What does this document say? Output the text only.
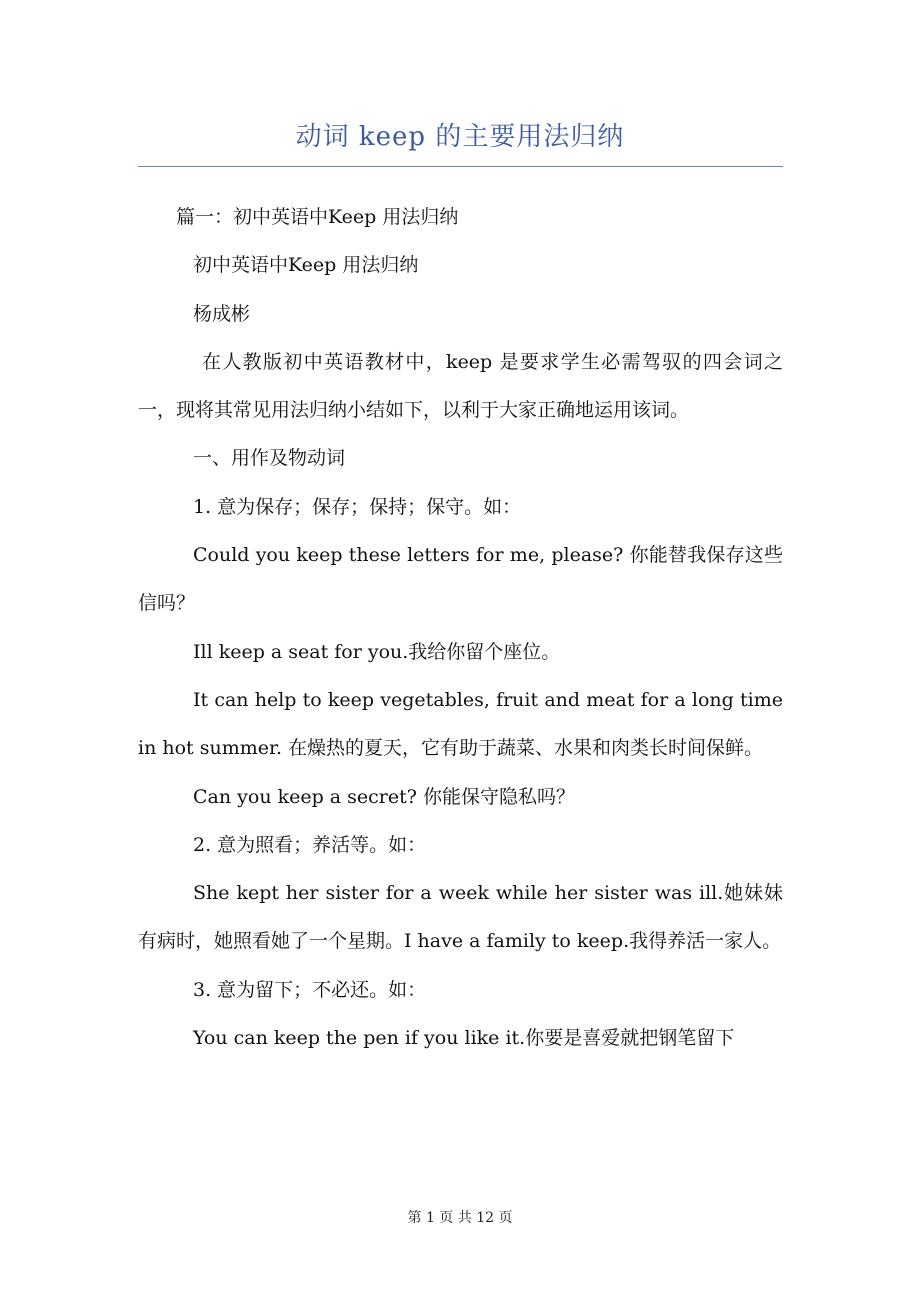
动词 keep 的主要用法归纳

篇一：初中英语中Keep 用法归纳

初中英语中Keep 用法归纳

杨成彬

在人教版初中英语教材中，keep 是要求学生必需驾驭的四会词之一，现将其常见用法归纳小结如下，以利于大家正确地运用该词。

一、用作及物动词

1. 意为保存；保存；保持；保守。如：

Could you keep these letters for me, please? 你能替我保存这些信吗？

Ill keep a seat for you.我给你留个座位。

It can help to keep vegetables, fruit and meat for a long time in hot summer. 在燥热的夏天，它有助于蔬菜、水果和肉类长时间保鲜。

Can you keep a secret? 你能保守隐私吗？

2. 意为照看；养活等。如：

She kept her sister for a week while her sister was ill.她妹妹有病时，她照看她了一个星期。I have a family to keep.我得养活一家人。

3. 意为留下；不必还。如：

You can keep the pen if you like it.你要是喜爱就把钢笔留下

第 1 页 共 12 页
